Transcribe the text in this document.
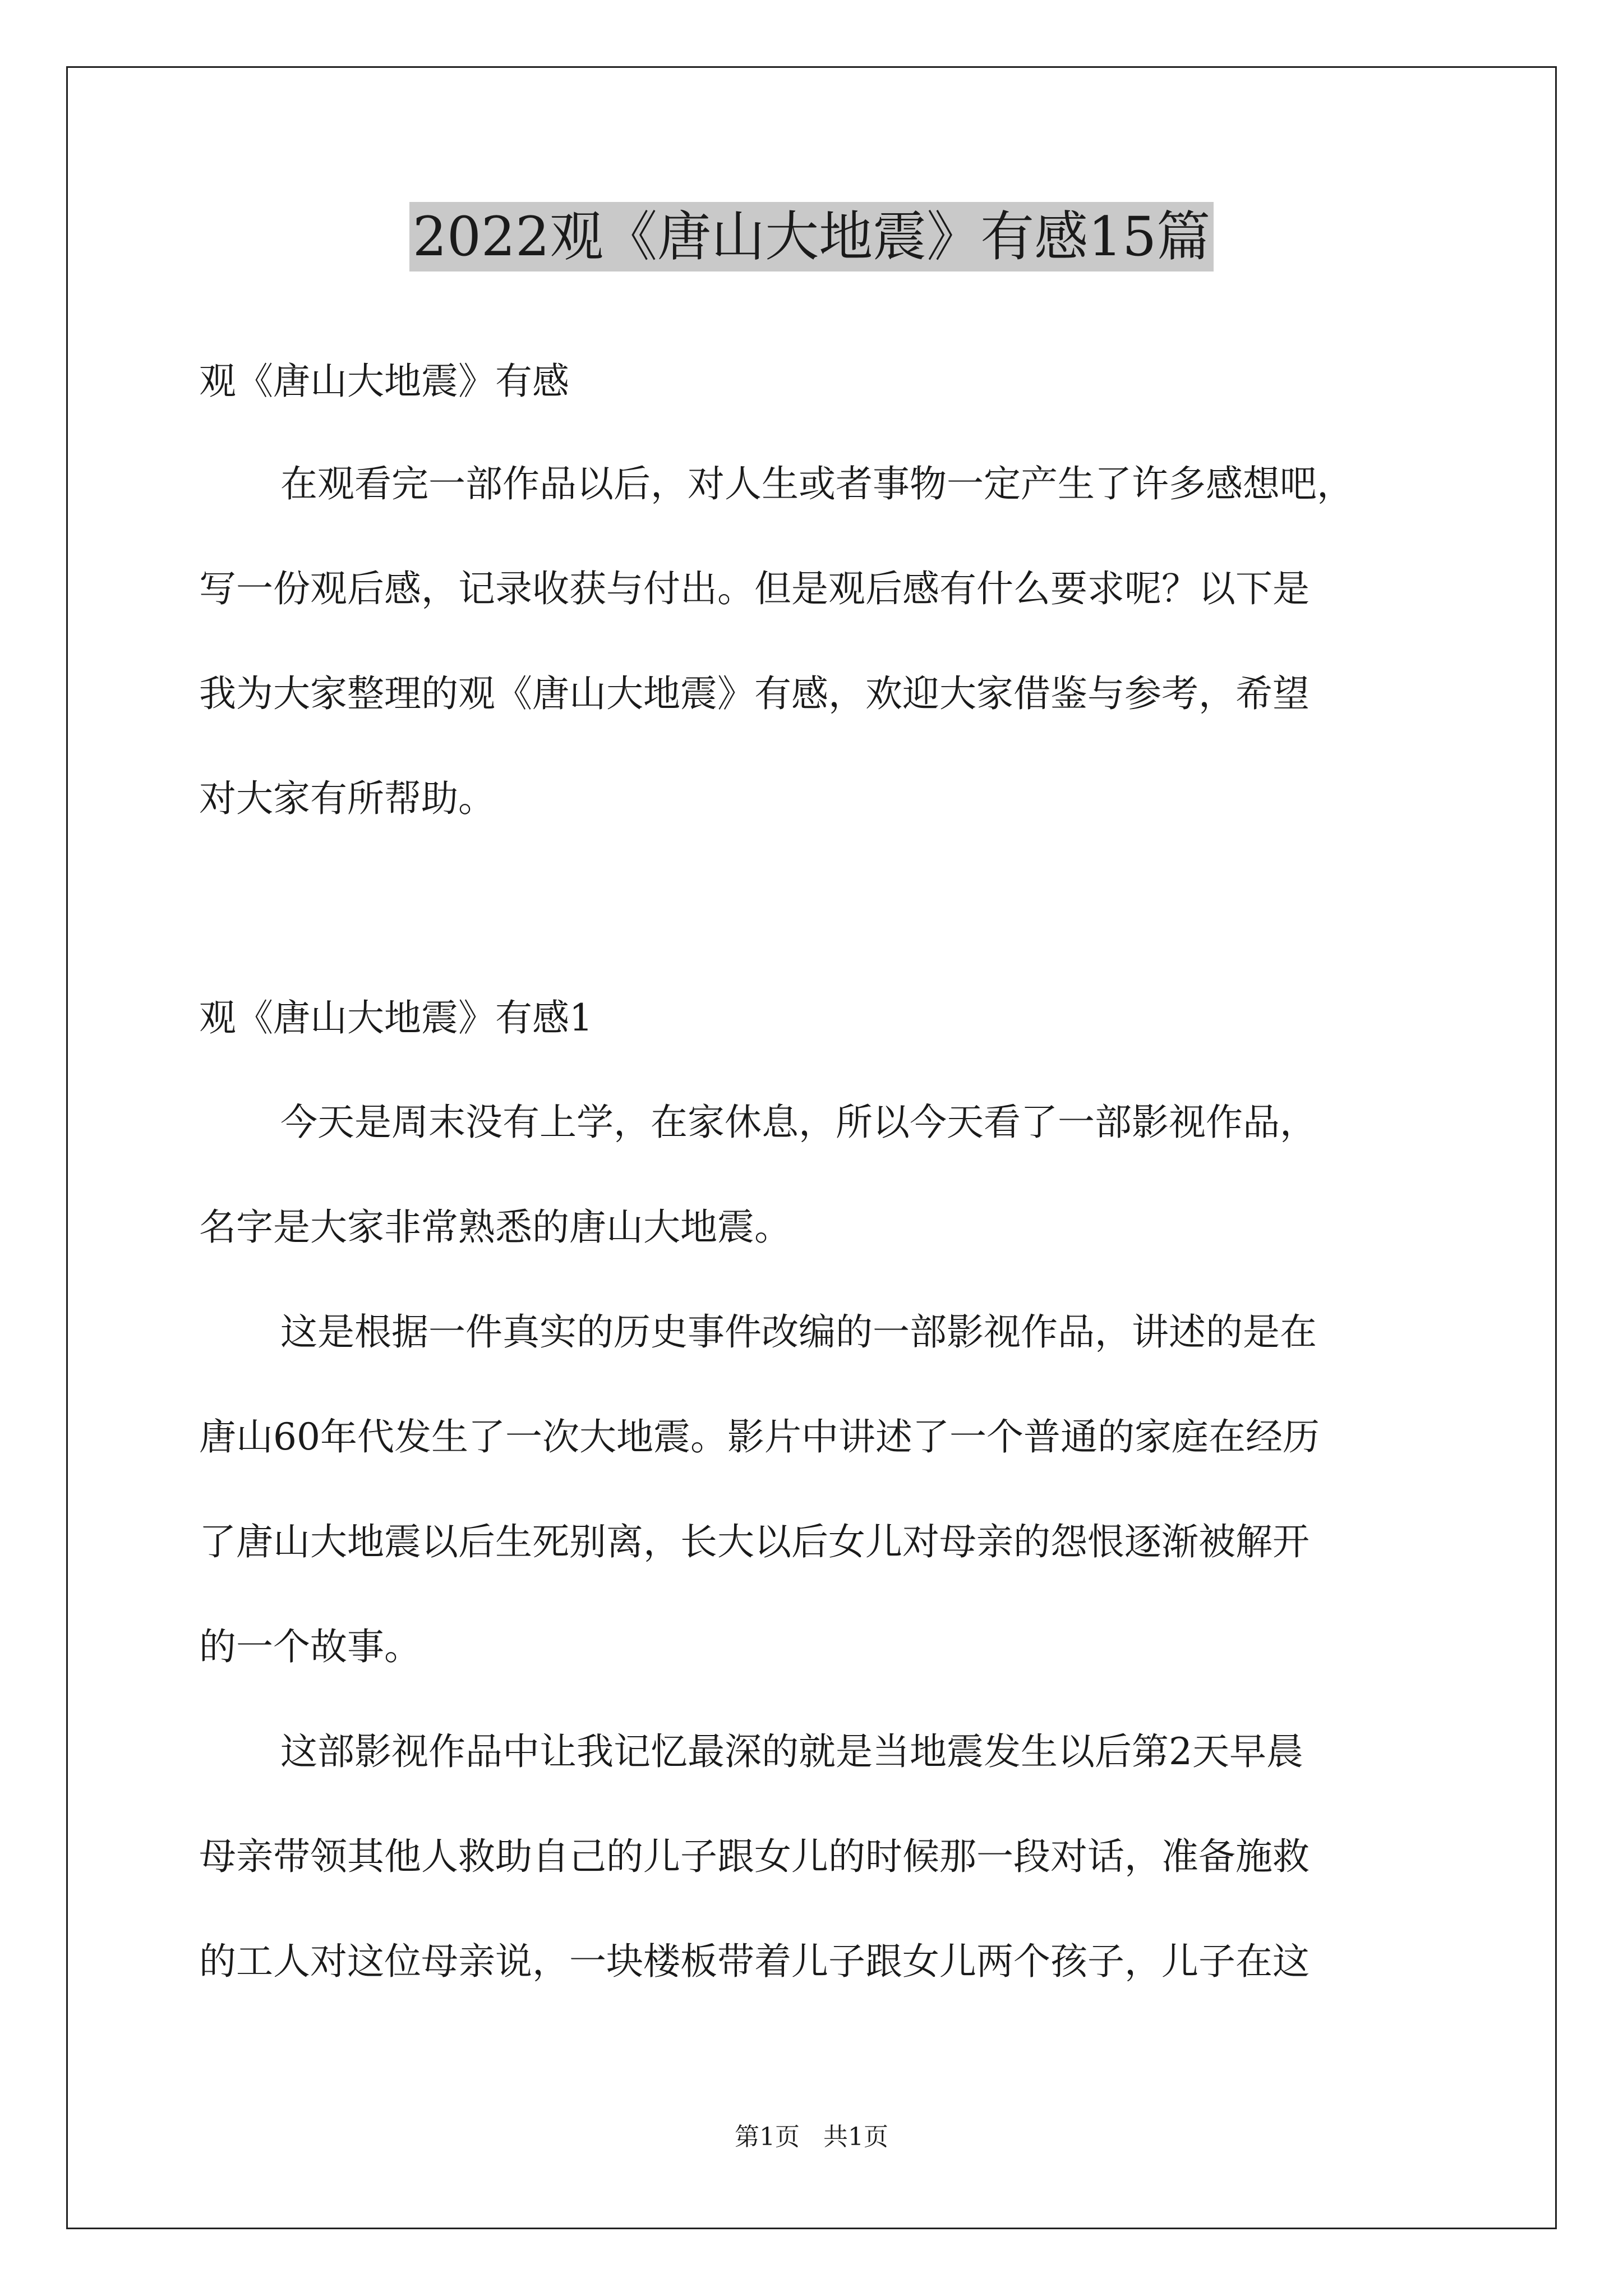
2022观《唐山大地震》有感15篇

观《唐山大地震》有感

在观看完一部作品以后，对人生或者事物一定产生了许多感想吧，

写一份观后感，记录收获与付出。但是观后感有什么要求呢？以下是

我为大家整理的观《唐山大地震》有感，欢迎大家借鉴与参考，希望

对大家有所帮助。

观《唐山大地震》有感1

今天是周末没有上学，在家休息，所以今天看了一部影视作品，

名字是大家非常熟悉的唐山大地震。

这是根据一件真实的历史事件改编的一部影视作品，讲述的是在

唐山60年代发生了一次大地震。影片中讲述了一个普通的家庭在经历

了唐山大地震以后生死别离，长大以后女儿对母亲的怨恨逐渐被解开

的一个故事。

这部影视作品中让我记忆最深的就是当地震发生以后第2天早晨

母亲带领其他人救助自己的儿子跟女儿的时候那一段对话，准备施救

的工人对这位母亲说，一块楼板带着儿子跟女儿两个孩子，儿子在这

第1页   共1页
